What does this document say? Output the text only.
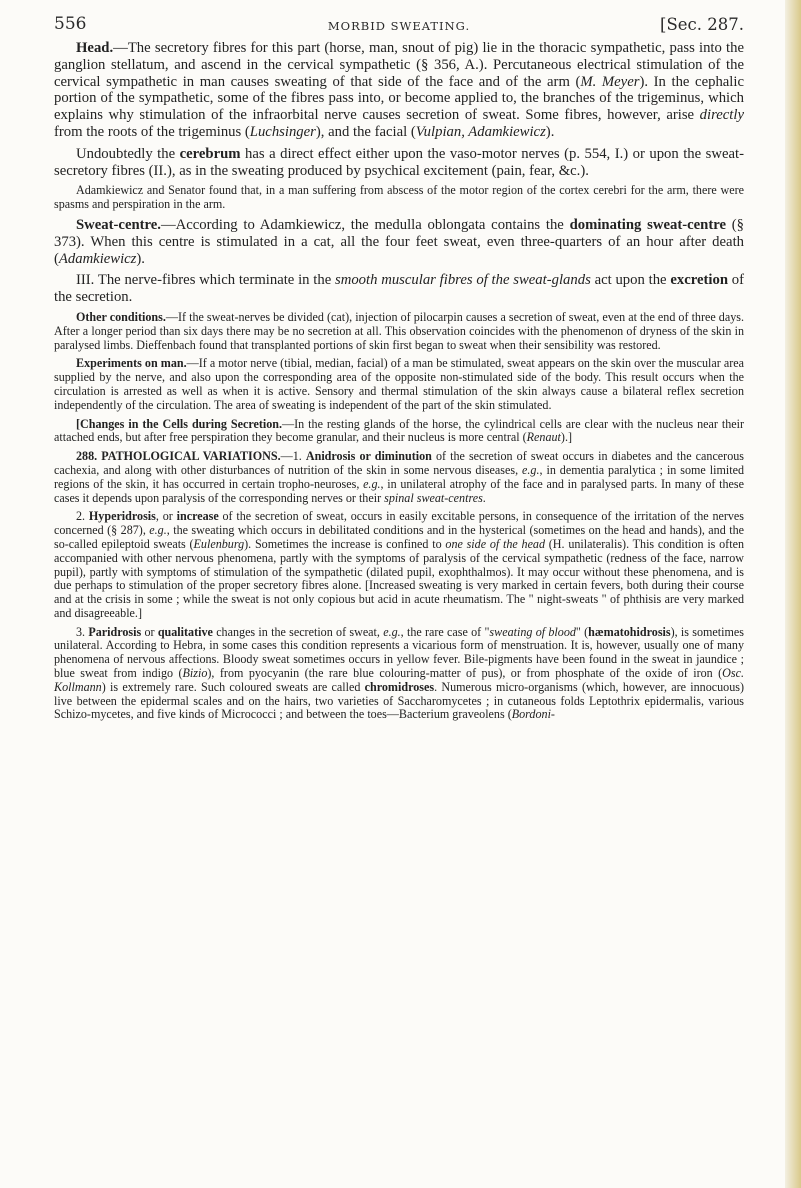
556	MORBID SWEATING.	[Sec. 287.

Head.—The secretory fibres for this part (horse, man, snout of pig) lie in the thoracic sympathetic, pass into the ganglion stellatum, and ascend in the cervical sympathetic (§ 356, A.). Percutaneous electrical stimulation of the cervical sympathetic in man causes sweating of that side of the face and of the arm (M. Meyer). In the cephalic portion of the sympathetic, some of the fibres pass into, or become applied to, the branches of the trigeminus, which explains why stimulation of the infraorbital nerve causes secretion of sweat. Some fibres, however, arise directly from the roots of the trigeminus (Luchsinger), and the facial (Vulpian, Adamkiewicz).

Undoubtedly the cerebrum has a direct effect either upon the vaso-motor nerves (p. 554, I.) or upon the sweat-secretory fibres (II.), as in the sweating produced by psychical excitement (pain, fear, &c.).

Adamkiewicz and Senator found that, in a man suffering from abscess of the motor region of the cortex cerebri for the arm, there were spasms and perspiration in the arm.

Sweat-centre.—According to Adamkiewicz, the medulla oblongata contains the dominating sweat-centre (§ 373). When this centre is stimulated in a cat, all the four feet sweat, even three-quarters of an hour after death (Adamkiewicz).

III. The nerve-fibres which terminate in the smooth muscular fibres of the sweat-glands act upon the excretion of the secretion.

Other conditions.—If the sweat-nerves be divided (cat), injection of pilocarpin causes a secretion of sweat, even at the end of three days. After a longer period than six days there may be no secretion at all. This observation coincides with the phenomenon of dryness of the skin in paralysed limbs. Dieffenbach found that transplanted portions of skin first began to sweat when their sensibility was restored.

Experiments on man.—If a motor nerve (tibial, median, facial) of a man be stimulated, sweat appears on the skin over the muscular area supplied by the nerve, and also upon the corresponding area of the opposite non-stimulated side of the body. This result occurs when the circulation is arrested as well as when it is active. Sensory and thermal stimulation of the skin always cause a bilateral reflex secretion independently of the circulation. The area of sweating is independent of the part of the skin stimulated.

[Changes in the Cells during Secretion.—In the resting glands of the horse, the cylindrical cells are clear with the nucleus near their attached ends, but after free perspiration they become granular, and their nucleus is more central (Renaut).]

288. PATHOLOGICAL VARIATIONS.—1. Anidrosis or diminution of the secretion of sweat occurs in diabetes and the cancerous cachexia, and along with other disturbances of nutrition of the skin in some nervous diseases, e.g., in dementia paralytica ; in some limited regions of the skin, it has occurred in certain tropho-neuroses, e.g., in unilateral atrophy of the face and in paralysed parts. In many of these cases it depends upon paralysis of the corresponding nerves or their spinal sweat-centres.

2. Hyperidrosis, or increase of the secretion of sweat, occurs in easily excitable persons, in consequence of the irritation of the nerves concerned (§ 287), e.g., the sweating which occurs in debilitated conditions and in the hysterical (sometimes on the head and hands), and the so-called epileptoid sweats (Eulenburg). Sometimes the increase is confined to one side of the head (H. unilateralis). This condition is often accompanied with other nervous phenomena, partly with the symptoms of paralysis of the cervical sympathetic (redness of the face, narrow pupil), partly with symptoms of stimulation of the sympathetic (dilated pupil, exophthalmos). It may occur without these phenomena, and is due perhaps to stimulation of the proper secretory fibres alone. [Increased sweating is very marked in certain fevers, both during their course and at the crisis in some ; while the sweat is not only copious but acid in acute rheumatism. The " night-sweats " of phthisis are very marked and disagreeable.]

3. Paridrosis or qualitative changes in the secretion of sweat, e.g., the rare case of "sweating of blood" (hæmatohidrosis), is sometimes unilateral. According to Hebra, in some cases this condition represents a vicarious form of menstruation. It is, however, usually one of many phenomena of nervous affections. Bloody sweat sometimes occurs in yellow fever. Bile-pigments have been found in the sweat in jaundice ; blue sweat from indigo (Bizio), from pyocyanin (the rare blue colouring-matter of pus), or from phosphate of the oxide of iron (Osc. Kollmann) is extremely rare. Such coloured sweats are called chromidroses. Numerous micro-organisms (which, however, are innocuous) live between the epidermal scales and on the hairs, two varieties of Saccharomycetes ; in cutaneous folds Leptothrix epidermalis, various Schizo-mycetes, and five kinds of Micrococci ; and between the toes—Bacterium graveolens (Bordoni-
